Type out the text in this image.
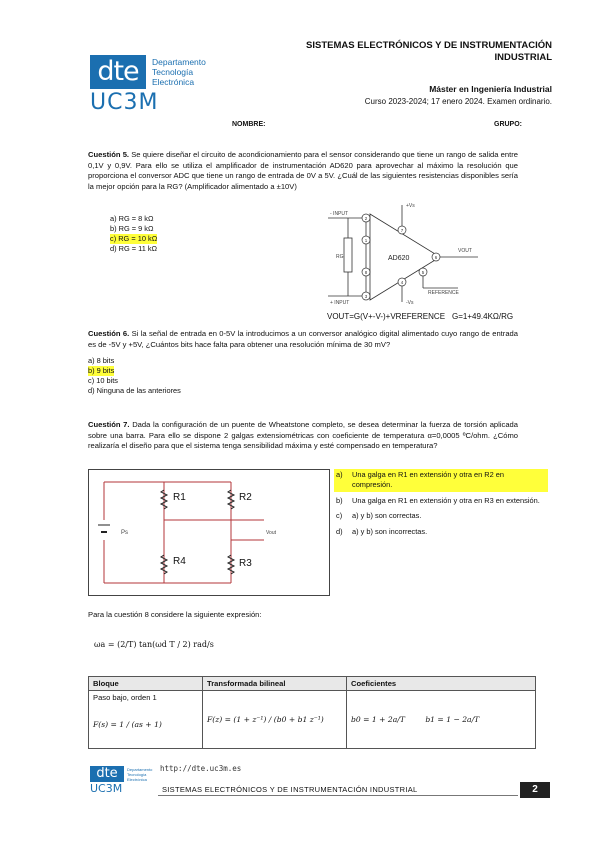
dte
UC3M
Departamento
Tecnología
Electrónica
SISTEMAS ELECTRÓNICOS Y DE INSTRUMENTACIÓN
INDUSTRIAL
Máster en Ingeniería Industrial
Curso 2023-2024; 17 enero 2024. Examen ordinario.
NOMBRE:	GRUPO:
Cuestión 5. Se quiere diseñar el circuito de acondicionamiento para el sensor considerando que tiene un rango de salida entre 0,1V y 0,9V. Para ello se utiliza el amplificador de instrumentación AD620 para aprovechar al máximo la resolución que proporciona el conversor ADC que tiene un rango de entrada de 0V a 5V. ¿Cuál de las siguientes resistencias disponibles sería la mejor opción para la RG? (Amplificador alimentado a ±10V)
a) RG = 8 kΩ
b) RG = 9 kΩ
c) RG = 10 kΩ
d) RG = 11 kΩ
2
1
8
3
7
4
6
5
- INPUT
+ INPUT
RG
+Vs
-Vs
VOUT
REFERENCE
AD620
VOUT=G(V+-V-)+VREFERENCE G=1+49.4KΩ/RG
Cuestión 6. Si la señal de entrada en 0-5V la introducimos a un conversor analógico digital alimentado cuyo rango de entrada es de -5V y +5V, ¿Cuántos bits hace falta para obtener una resolución mínima de 30 mV?
a) 8 bits
b) 9 bits
c) 10 bits
d) Ninguna de las anteriores
Cuestión 7. Dada la configuración de un puente de Wheatstone completo, se desea determinar la fuerza de torsión aplicada sobre una barra. Para ello se dispone 2 galgas extensiométricas con coeficiente de temperatura α=0,0005 ºC/ohm. ¿Cómo realizaría el diseño para que el sistema tenga sensibilidad máxima y esté compensado en temperatura?
R1	R2
R4	R3
Ps	Vout
a)	Una galga en R1 en extensión y otra en R2 en compresión.
b)	Una galga en R1 en extensión y otra en R3 en extensión.
c)	a) y b) son correctas.
d)	a) y b) son incorrectas.
Para la cuestión 8 considere la siguiente expresión:
ωa = (2/T) tan(ωd T / 2) rad/s
Bloque	Transformada bilineal	Coeficientes

Paso bajo, orden 1
F(s) = 1 / (as + 1)	F(z) = (1 + z⁻¹) / (b0 + b1 z⁻¹)	b0 = 1 + 2a/T b1 = 1 − 2a/T
dte
UC3M
Departamento
Tecnología
Electrónica
http://dte.uc3m.es
SISTEMAS ELECTRÓNICOS Y DE INSTRUMENTACIÓN INDUSTRIAL	2
